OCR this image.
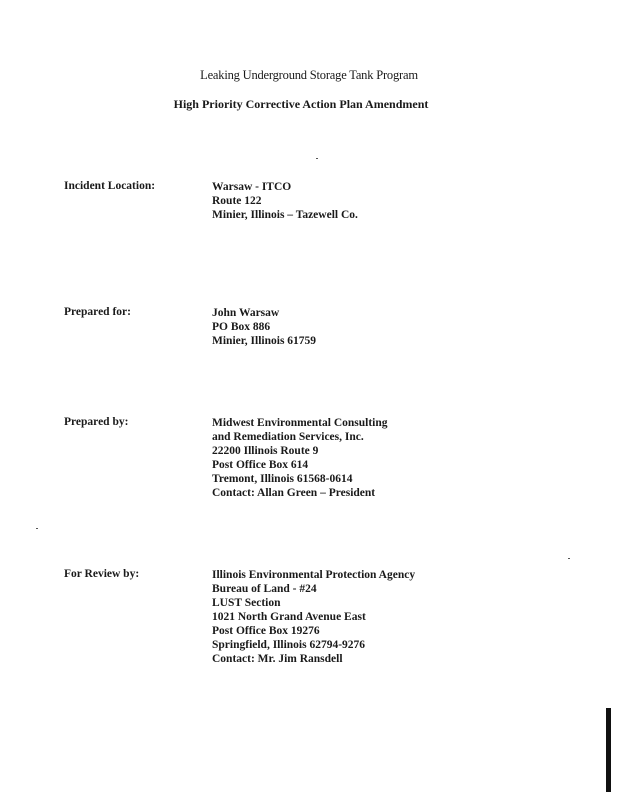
Leaking Underground Storage Tank Program
High Priority Corrective Action Plan Amendment
Incident Location:	Warsaw - ITCO
Route 122
Minier, Illinois – Tazewell Co.
Prepared for:	John Warsaw
PO Box 886
Minier, Illinois 61759
Prepared by:	Midwest Environmental Consulting
and Remediation Services, Inc.
22200 Illinois Route 9
Post Office Box 614
Tremont, Illinois 61568-0614
Contact: Allan Green – President
For Review by:	Illinois Environmental Protection Agency
Bureau of Land - #24
LUST Section
1021 North Grand Avenue East
Post Office Box 19276
Springfield, Illinois 62794-9276
Contact: Mr. Jim Ransdell
